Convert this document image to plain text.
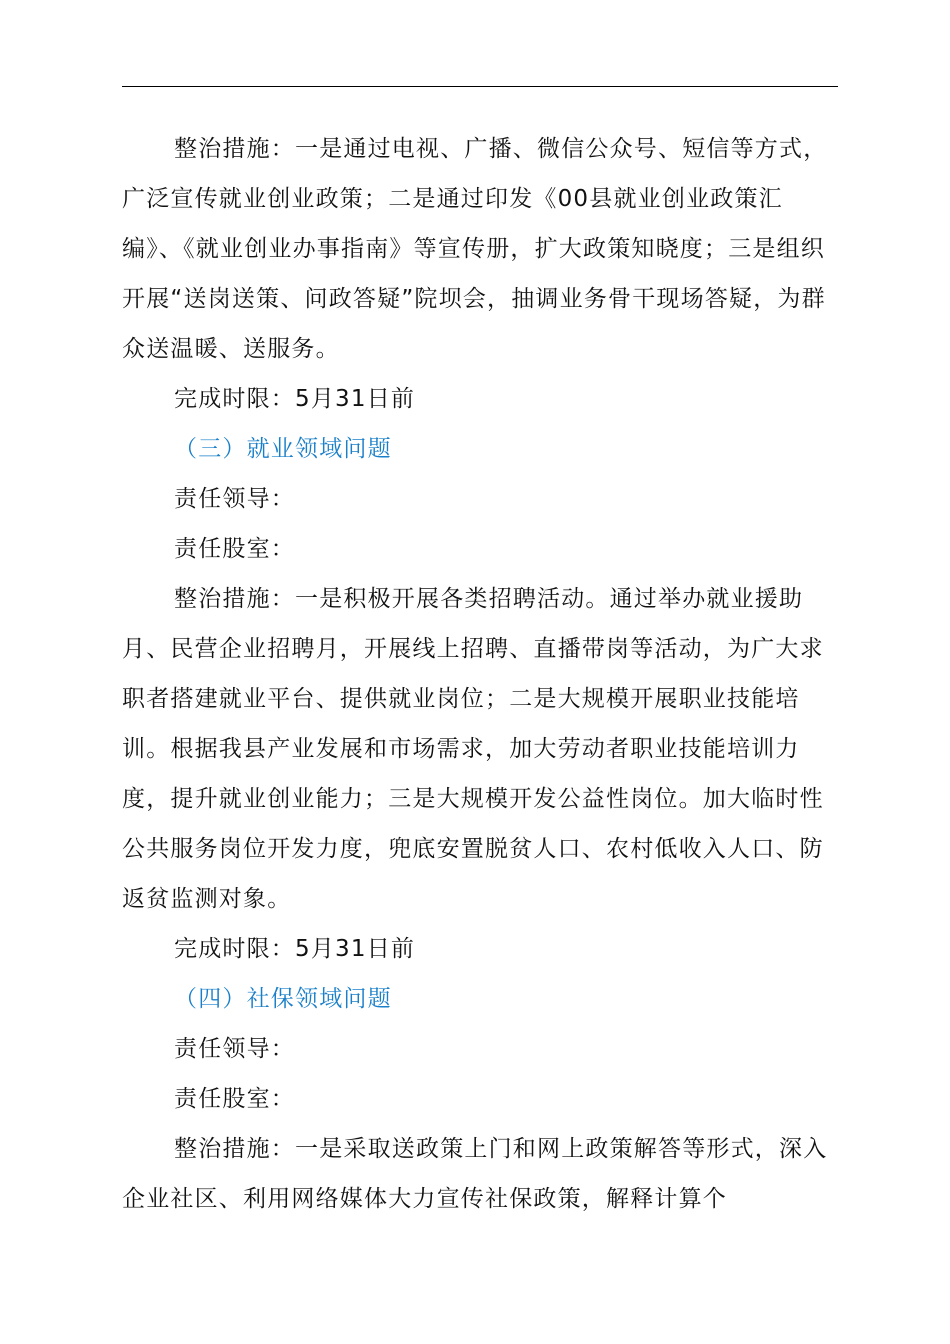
整治措施：一是通过电视、广播、微信公众号、短信等方式，广泛宣传就业创业政策；二是通过印发《00县就业创业政策汇编》、《就业创业办事指南》等宣传册，扩大政策知晓度；三是组织开展“送岗送策、问政答疑”院坝会，抽调业务骨干现场答疑，为群众送温暖、送服务。

完成时限：5月31日前

（三）就业领域问题

责任领导：

责任股室：

整治措施：一是积极开展各类招聘活动。通过举办就业援助月、民营企业招聘月，开展线上招聘、直播带岗等活动，为广大求职者搭建就业平台、提供就业岗位；二是大规模开展职业技能培训。根据我县产业发展和市场需求，加大劳动者职业技能培训力度，提升就业创业能力；三是大规模开发公益性岗位。加大临时性公共服务岗位开发力度，兜底安置脱贫人口、农村低收入人口、防返贫监测对象。

完成时限：5月31日前

（四）社保领域问题

责任领导：

责任股室：

整治措施：一是采取送政策上门和网上政策解答等形式，深入企业社区、利用网络媒体大力宣传社保政策，解释计算个
